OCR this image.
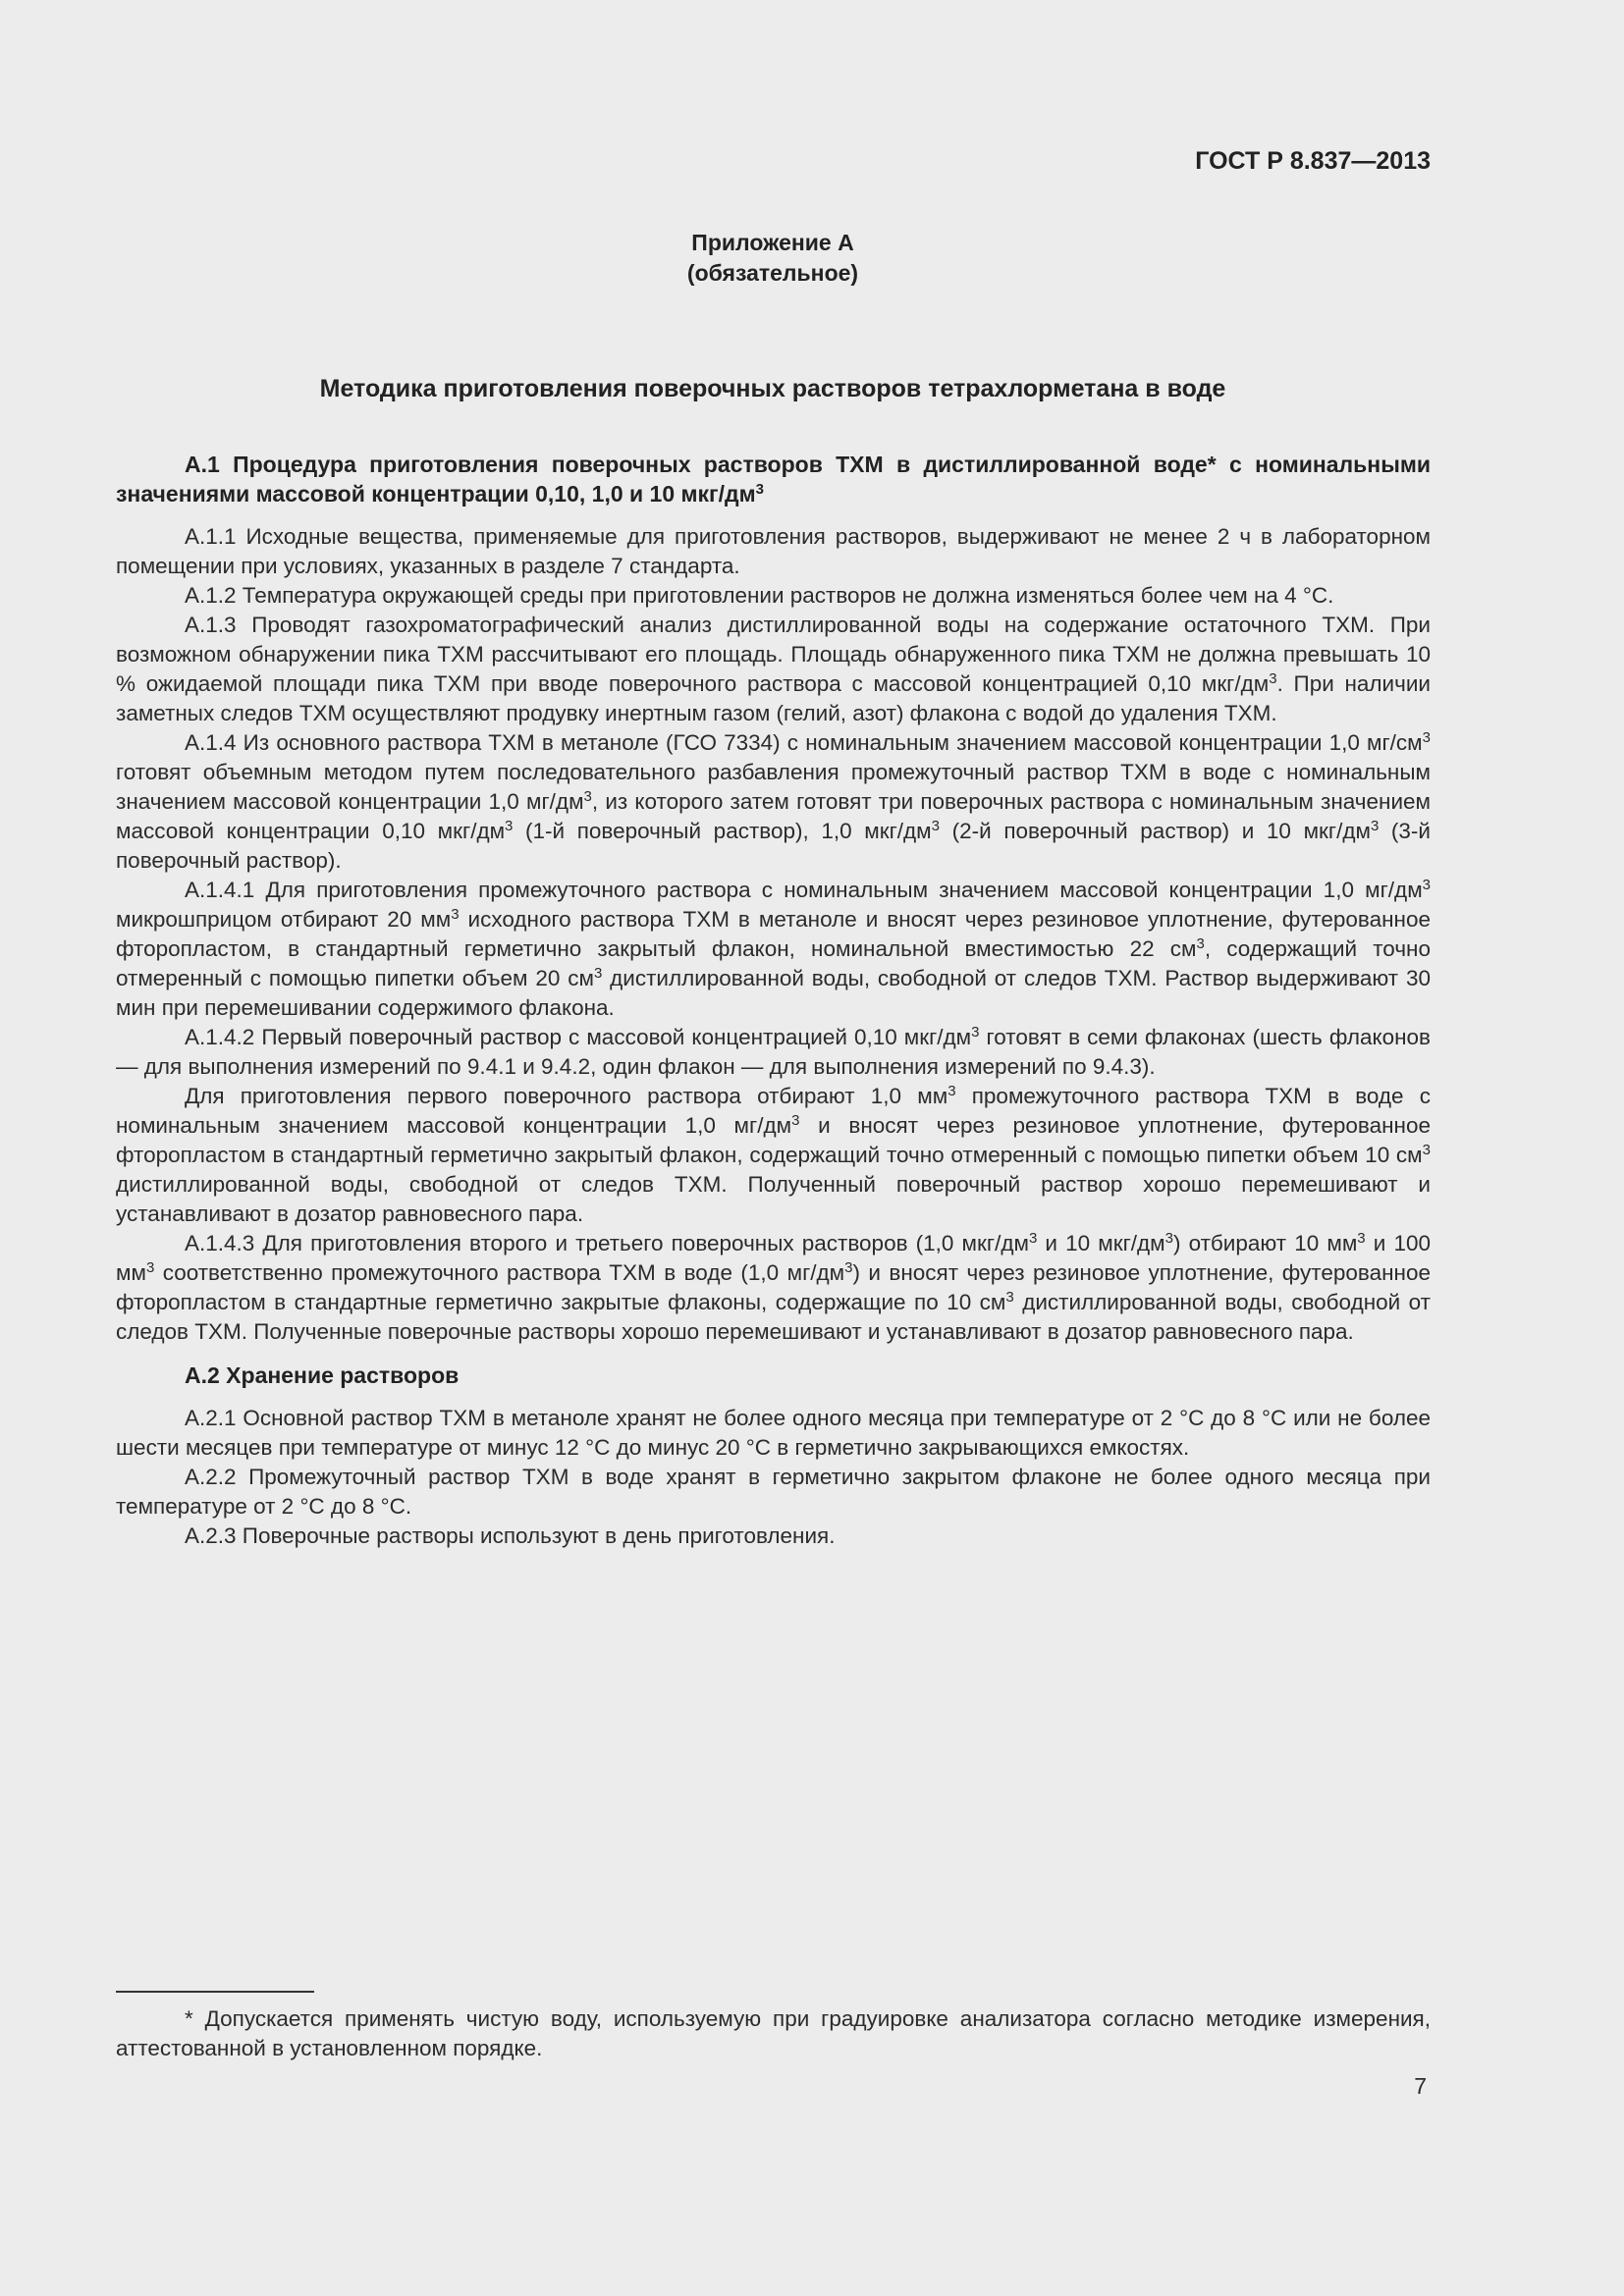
ГОСТ Р 8.837—2013

Приложение А
(обязательное)
Методика приготовления поверочных растворов тетрахлорметана в воде

А.1 Процедура приготовления поверочных растворов ТХМ в дистиллированной воде* с номинальными значениями массовой концентрации 0,10, 1,0 и 10 мкг/$дм^3$

А.1.1 Исходные вещества, применяемые для приготовления растворов, выдерживают не менее 2 ч в лабораторном помещении при условиях, указанных в разделе 7 стандарта.

А.1.2 Температура окружающей среды при приготовлении растворов не должна изменяться более чем на 4 °С.

А.1.3 Проводят газохроматографический анализ дистиллированной воды на содержание остаточного ТХМ. При возможном обнаружении пика ТХМ рассчитывают его площадь. Площадь обнаруженного пика ТХМ не должна превышать 10 % ожидаемой площади пика ТХМ при вводе поверочного раствора с массовой концентрацией 0,10 мкг/$дм^3$. При наличии заметных следов ТХМ осуществляют продувку инертным газом (гелий, азот) флакона с водой до удаления ТХМ.

А.1.4 Из основного раствора ТХМ в метаноле (ГСО 7334) с номинальным значением массовой концентрации 1,0 $мг/см^3$ готовят объемным методом путем последовательного разбавления промежуточный раствор ТХМ в воде с номинальным значением массовой концентрации 1,0 $мг/дм^3$, из которого затем готовят три поверочных раствора с номинальным значением массовой концентрации 0,10 мкг/$дм^3$ (1-й поверочный раствор), 1,0 мкг/$дм^3$ (2-й поверочный раствор) и 10 мкг/$дм^3$ (3-й поверочный раствор).

А.1.4.1 Для приготовления промежуточного раствора с номинальным значением массовой концентрации 1,0 $мг/дм^3$ микрошприцом отбирают 20 $мм^3$ исходного раствора ТХМ в метаноле и вносят через резиновое уплотнение, футерованное фторопластом, в стандартный герметично закрытый флакон, номинальной вместимостью 22 $см^3$, содержащий точно отмеренный с помощью пипетки объем 20 $см^3$ дистиллированной воды, свободной от следов ТХМ. Раствор выдерживают 30 мин при перемешивании содержимого флакона.

А.1.4.2 Первый поверочный раствор с массовой концентрацией 0,10 мкг/$дм^3$ готовят в семи флаконах (шесть флаконов — для выполнения измерений по 9.4.1 и 9.4.2, один флакон — для выполнения измерений по 9.4.3).

Для приготовления первого поверочного раствора отбирают 1,0 $мм^3$ промежуточного раствора ТХМ в воде с номинальным значением массовой концентрации 1,0 $мг/дм^3$ и вносят через резиновое уплотнение, футерованное фторопластом в стандартный герметично закрытый флакон, содержащий точно отмеренный с помощью пипетки объем 10 $см^3$ дистиллированной воды, свободной от следов ТХМ. Полученный поверочный раствор хорошо перемешивают и устанавливают в дозатор равновесного пара.

А.1.4.3 Для приготовления второго и третьего поверочных растворов (1,0 мкг/$дм^3$ и 10 мкг/$дм^3$) отбирают 10 $мм^3$ и 100 $мм^3$ соответственно промежуточного раствора ТХМ в воде (1,0 $мг/дм^3$) и вносят через резиновое уплотнение, футерованное фторопластом в стандартные герметично закрытые флаконы, содержащие по 10 $см^3$ дистиллированной воды, свободной от следов ТХМ. Полученные поверочные растворы хорошо перемешивают и устанавливают в дозатор равновесного пара.

А.2 Хранение растворов

А.2.1 Основной раствор ТХМ в метаноле хранят не более одного месяца при температуре от 2 °С до 8 °С или не более шести месяцев при температуре от минус 12 °С до минус 20 °С в герметично закрывающихся емкостях.

А.2.2 Промежуточный раствор ТХМ в воде хранят в герметично закрытом флаконе не более одного месяца при температуре от 2 °С до 8 °С.

А.2.3 Поверочные растворы используют в день приготовления.

* Допускается применять чистую воду, используемую при градуировке анализатора согласно методике измерения, аттестованной в установленном порядке.

7
